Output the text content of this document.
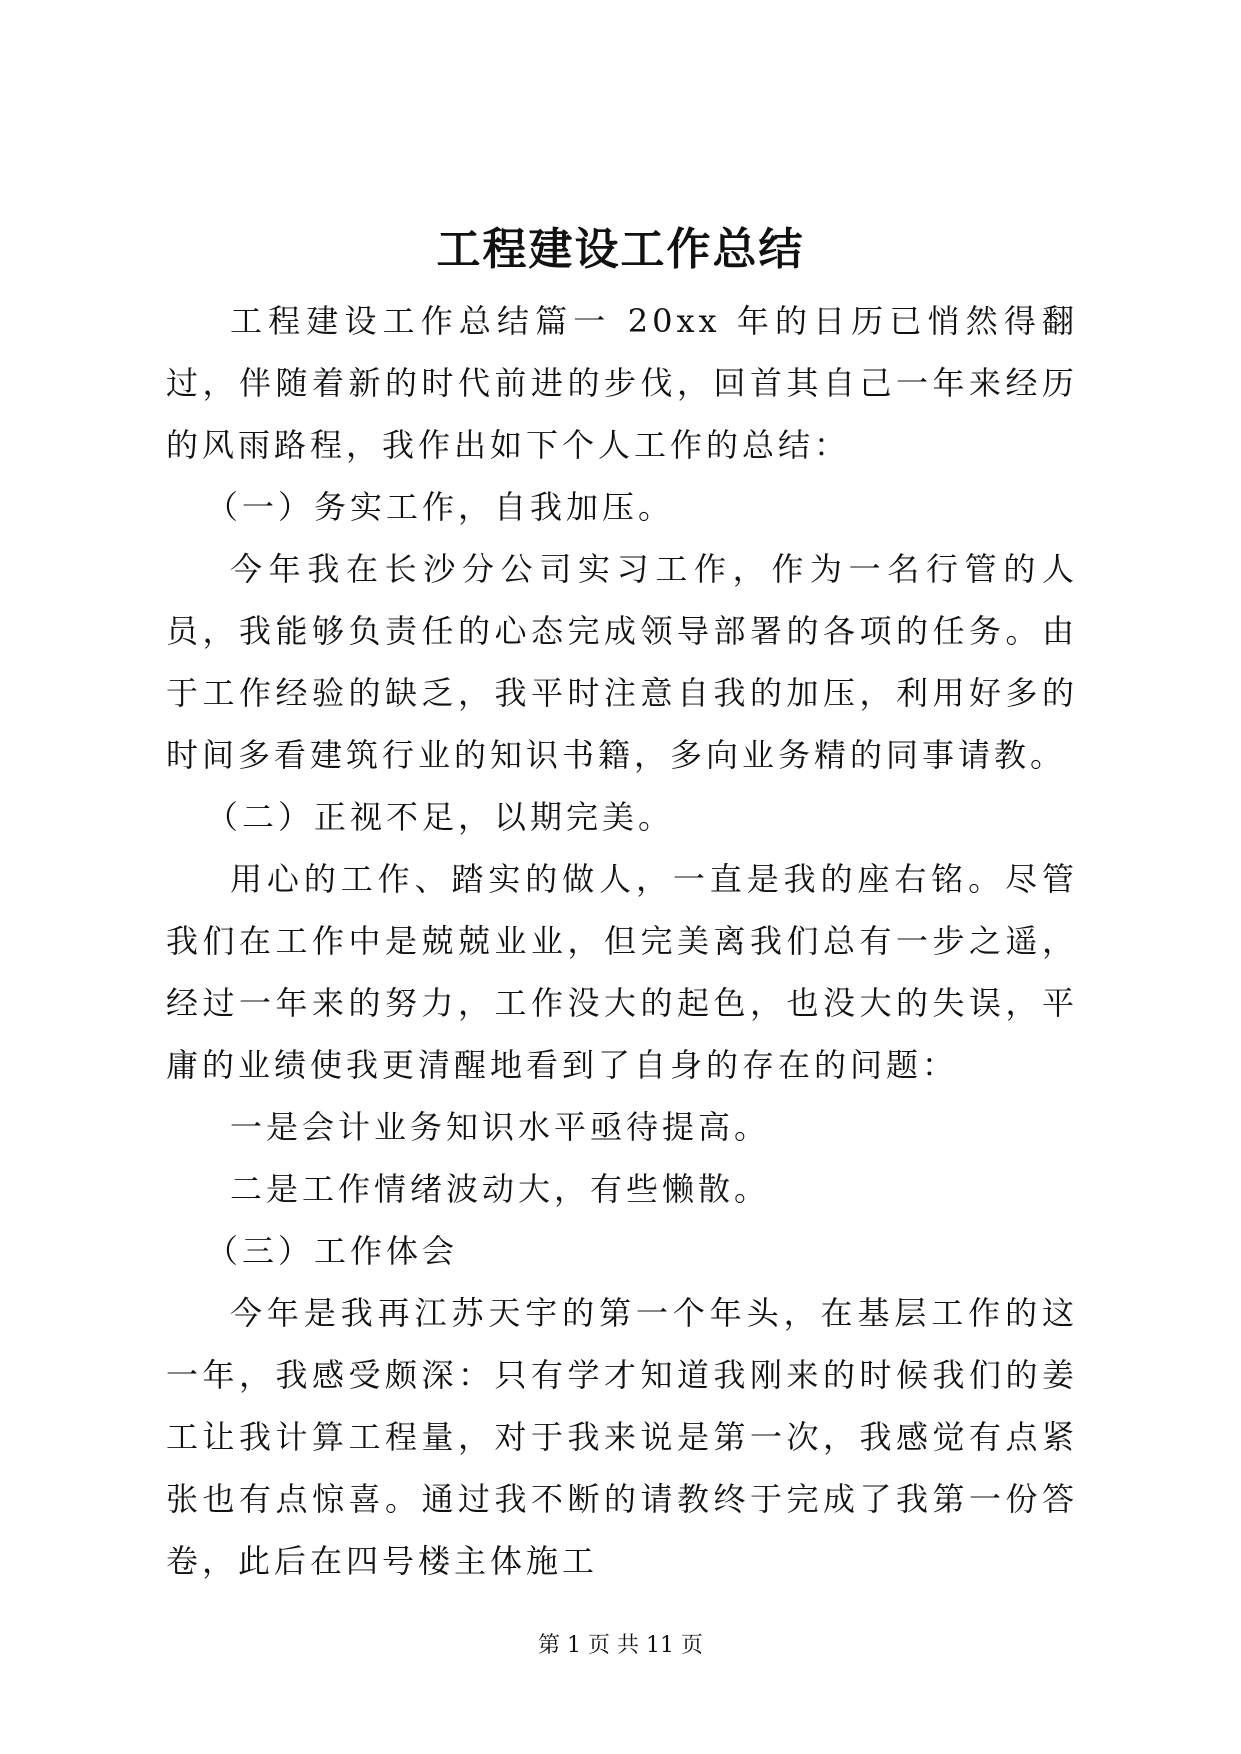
工程建设工作总结

工程建设工作总结篇一 20xx 年的日历已悄然得翻过，伴随着新的时代前进的步伐，回首其自己一年来经历的风雨路程，我作出如下个人工作的总结：

（一）务实工作，自我加压。

今年我在长沙分公司实习工作，作为一名行管的人员，我能够负责任的心态完成领导部署的各项的任务。由于工作经验的缺乏，我平时注意自我的加压，利用好多的时间多看建筑行业的知识书籍，多向业务精的同事请教。

（二）正视不足，以期完美。

用心的工作、踏实的做人，一直是我的座右铭。尽管我们在工作中是兢兢业业，但完美离我们总有一步之遥，经过一年来的努力，工作没大的起色，也没大的失误，平庸的业绩使我更清醒地看到了自身的存在的问题：

一是会计业务知识水平亟待提高。

二是工作情绪波动大，有些懒散。

（三）工作体会

今年是我再江苏天宇的第一个年头，在基层工作的这一年，我感受颇深：只有学才知道我刚来的时候我们的姜工让我计算工程量，对于我来说是第一次，我感觉有点紧张也有点惊喜。通过我不断的请教终于完成了我第一份答卷，此后在四号楼主体施工

第 1 页 共 11 页
